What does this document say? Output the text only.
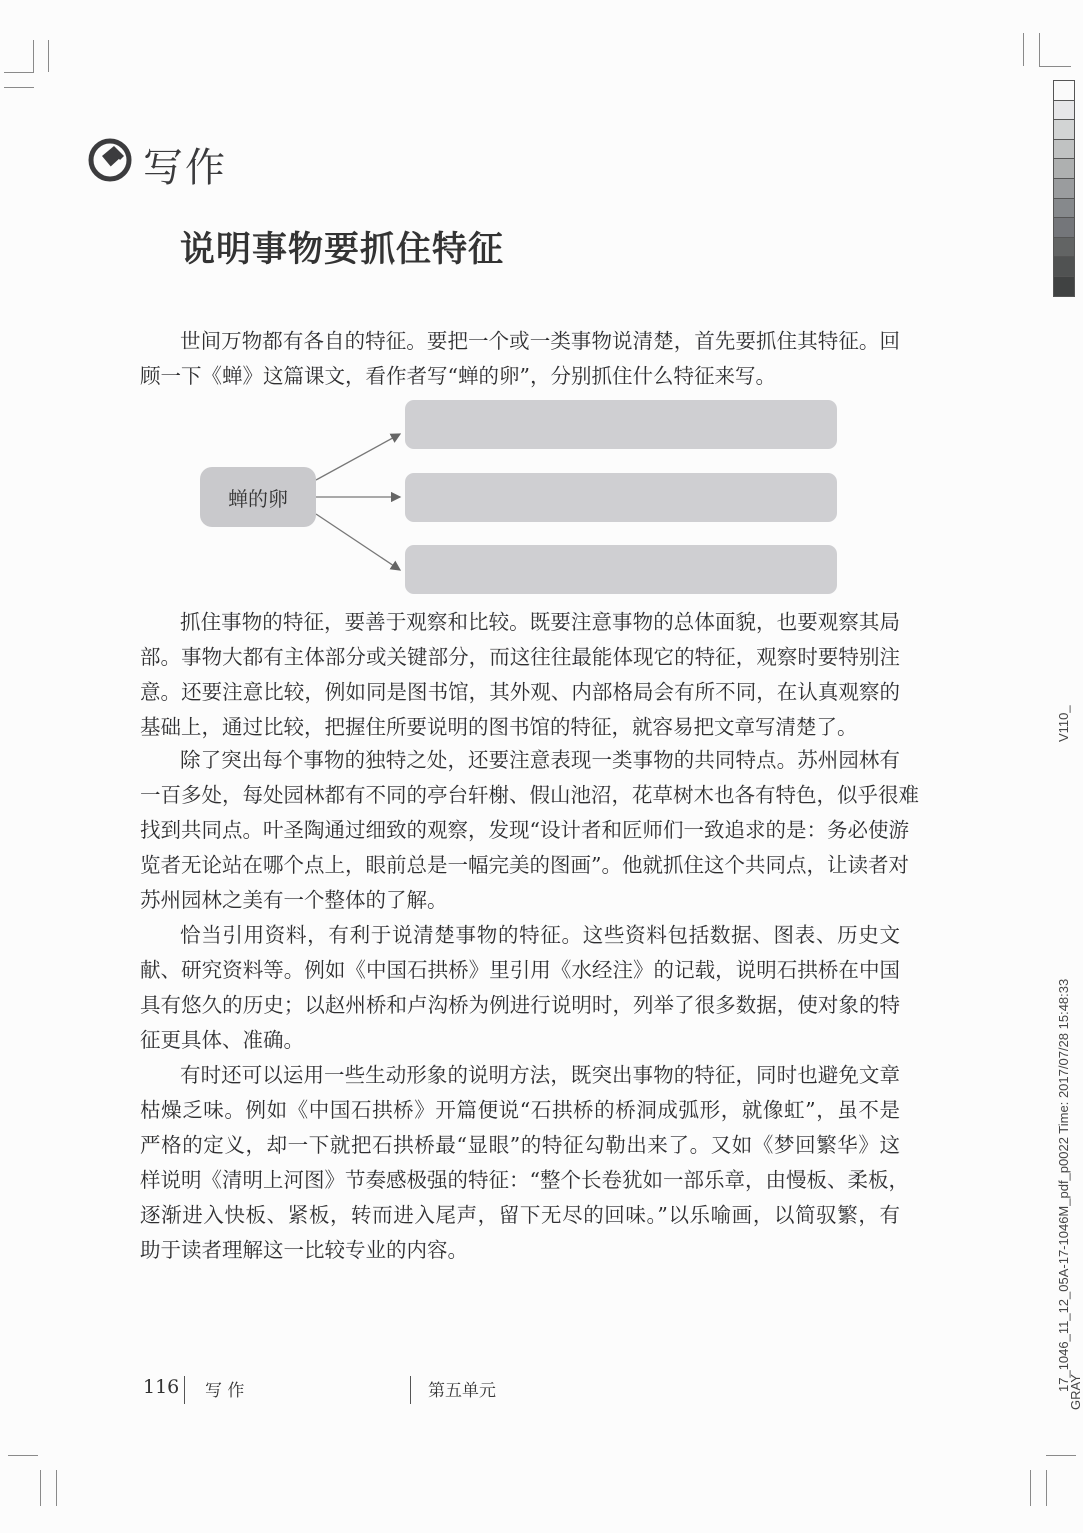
写作
说明事物要抓住特征
世间万物都有各自的特征。要把一个或一类事物说清楚，首先要抓住其特征。回
顾一下《蝉》这篇课文，看作者写“蝉的卵”，分别抓住什么特征来写。
蝉的卵
抓住事物的特征，要善于观察和比较。既要注意事物的总体面貌，也要观察其局
部。事物大都有主体部分或关键部分，而这往往最能体现它的特征，观察时要特别注
意。还要注意比较，例如同是图书馆，其外观、内部格局会有所不同，在认真观察的
基础上，通过比较，把握住所要说明的图书馆的特征，就容易把文章写清楚了。
除了突出每个事物的独特之处，还要注意表现一类事物的共同特点。苏州园林有
一百多处，每处园林都有不同的亭台轩榭、假山池沼，花草树木也各有特色，似乎很难
找到共同点。叶圣陶通过细致的观察，发现“设计者和匠师们一致追求的是：务必使游
览者无论站在哪个点上，眼前总是一幅完美的图画”。他就抓住这个共同点，让读者对
苏州园林之美有一个整体的了解。
恰当引用资料，有利于说清楚事物的特征。这些资料包括数据、图表、历史文
献、研究资料等。例如《中国石拱桥》里引用《水经注》的记载，说明石拱桥在中国
具有悠久的历史；以赵州桥和卢沟桥为例进行说明时，列举了很多数据，使对象的特
征更具体、准确。
有时还可以运用一些生动形象的说明方法，既突出事物的特征，同时也避免文章
枯燥乏味。例如《中国石拱桥》开篇便说“石拱桥的桥洞成弧形，就像虹”，虽不是
严格的定义，却一下就把石拱桥最“显眼”的特征勾勒出来了。又如《梦回繁华》这
样说明《清明上河图》节奏感极强的特征：“整个长卷犹如一部乐章，由慢板、柔板，
逐渐进入快板、紧板，转而进入尾声，留下无尽的回味。”以乐喻画，以简驭繁，有
助于读者理解这一比较专业的内容。
116 写 作	第五单元
V110_
17_1046_11_12_05A-17-1046M_pdf_p0022 Time: 2017/07/28 15:48:33
GRAY
